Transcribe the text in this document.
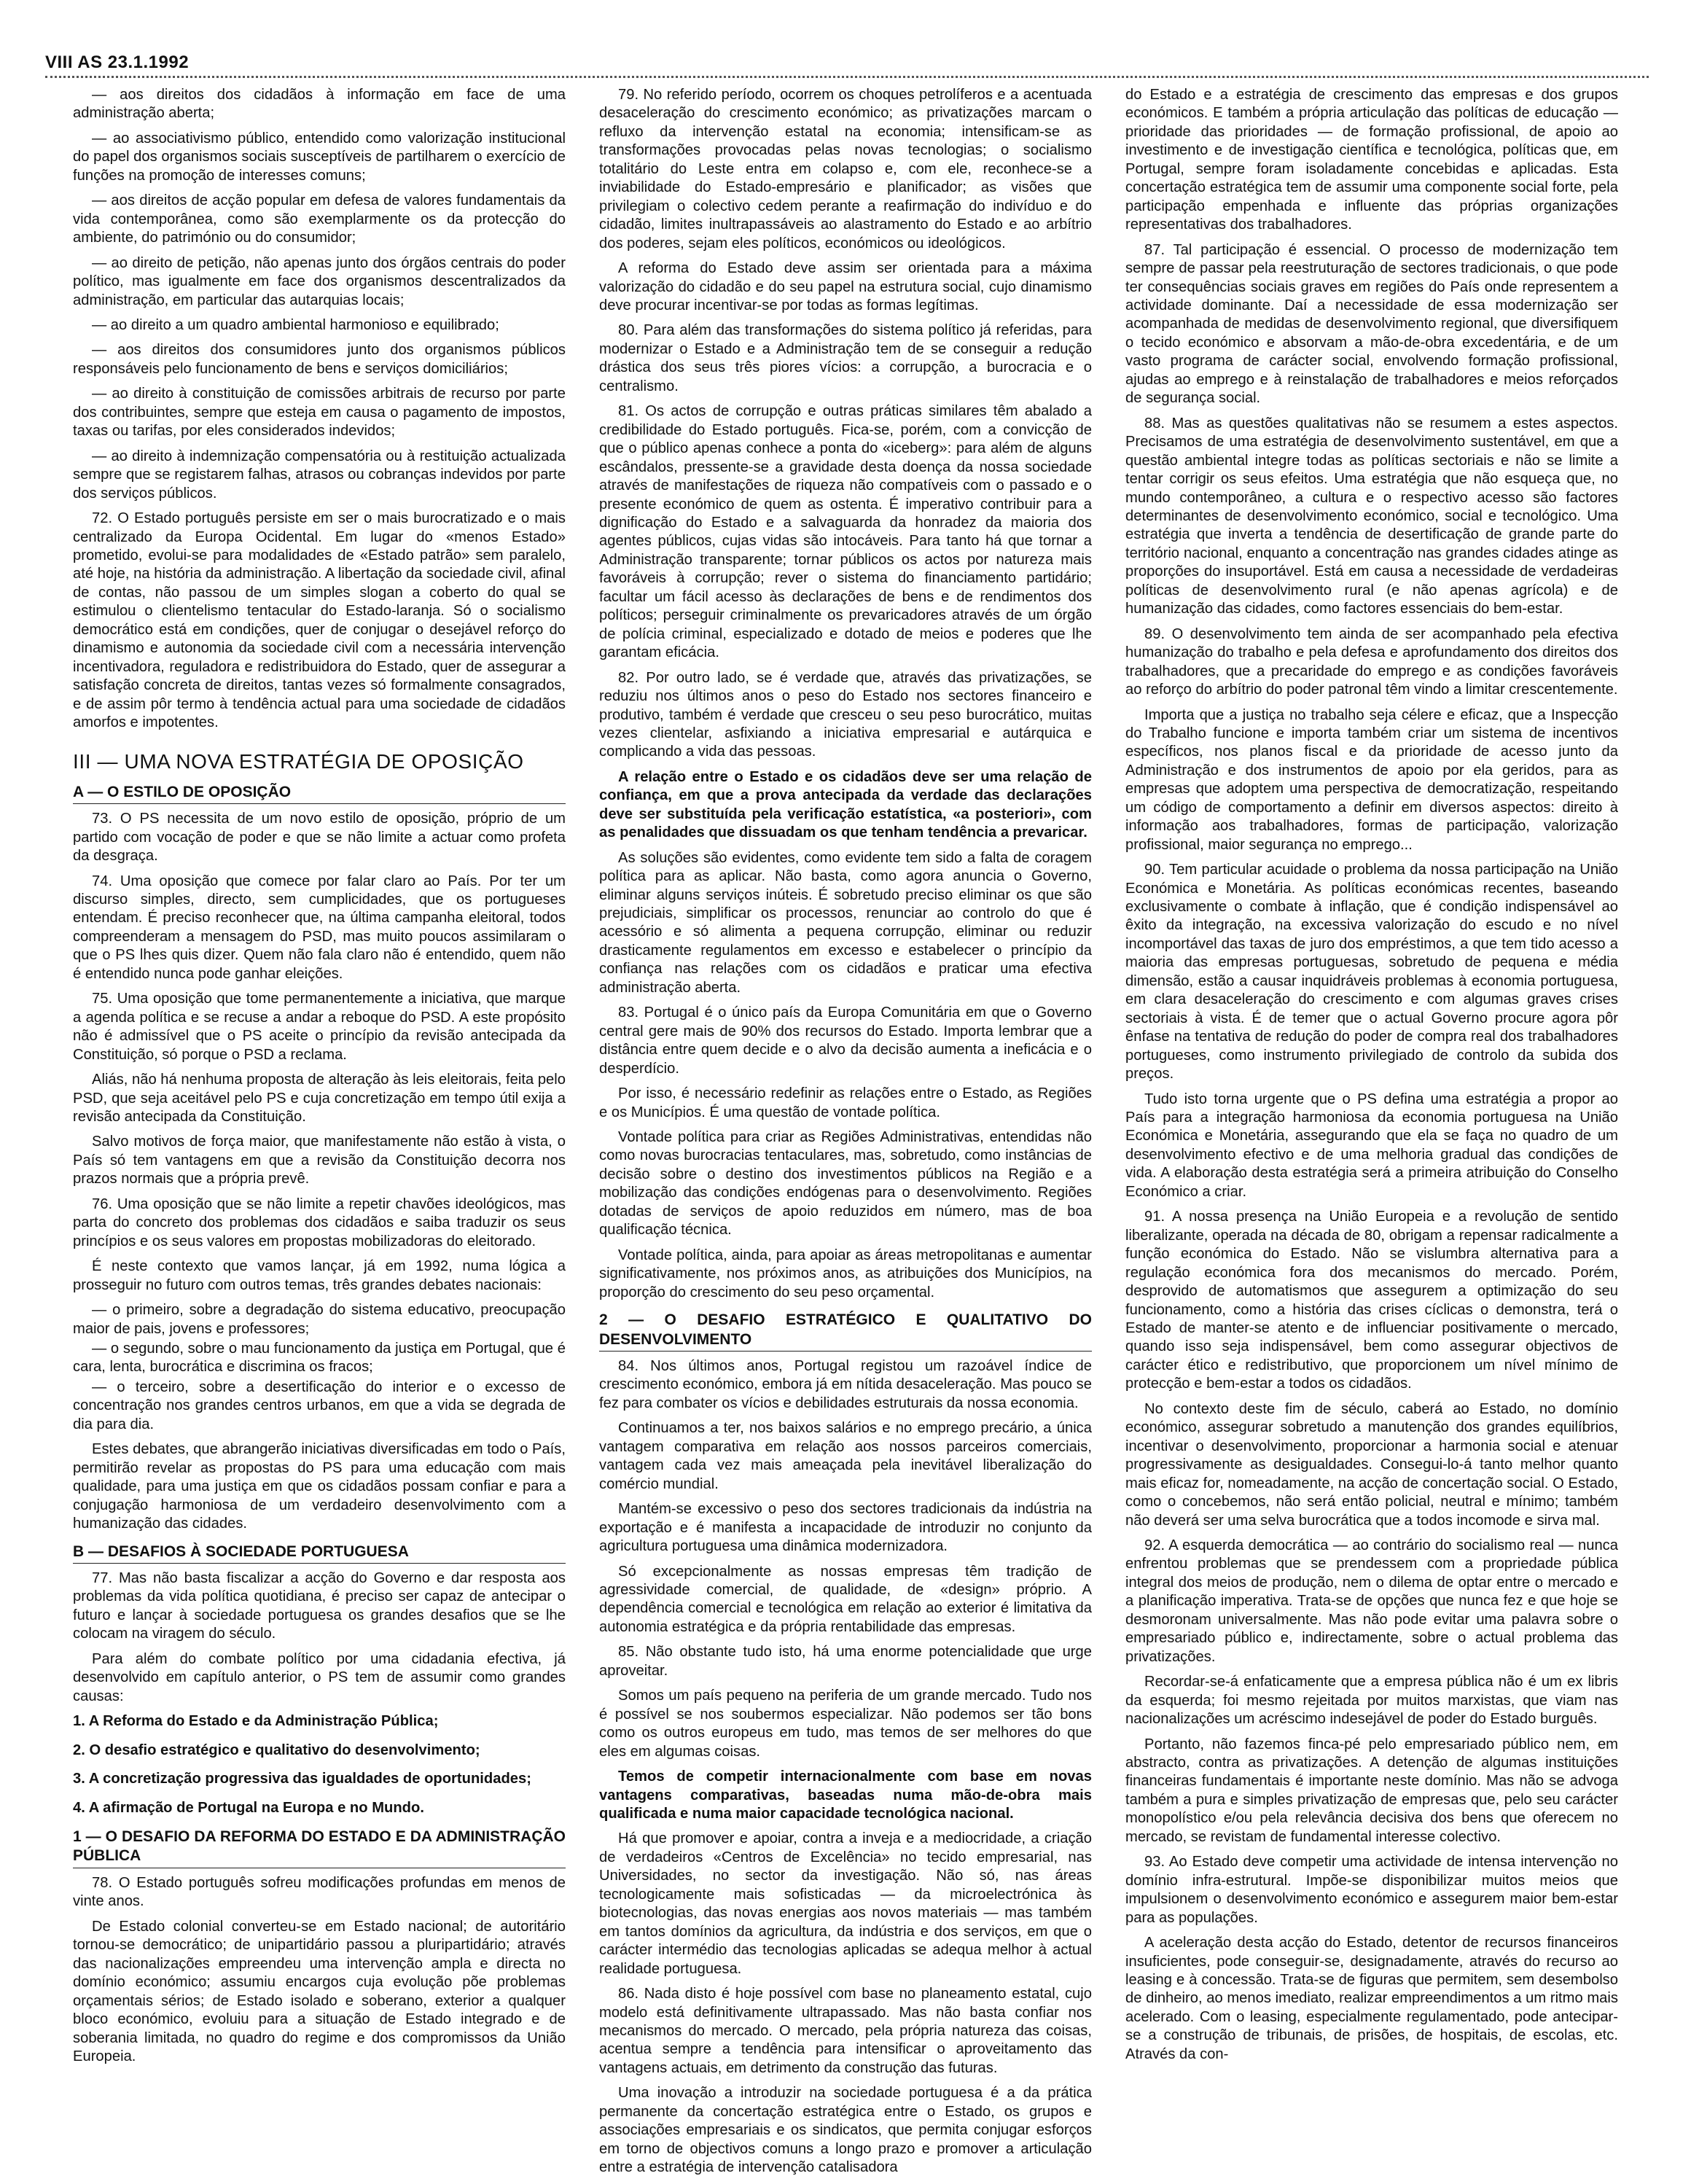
VIII AS 23.1.1992

— aos direitos dos cidadãos à informação em face de uma administração aberta;

— ao associativismo público, entendido como valorização institucional do papel dos organismos sociais susceptíveis de partilharem o exercício de funções na promoção de interesses comuns;

— aos direitos de acção popular em defesa de valores fundamentais da vida contemporânea, como são exemplarmente os da protecção do ambiente, do património ou do consumidor;

— ao direito de petição, não apenas junto dos órgãos centrais do poder político, mas igualmente em face dos organismos descentralizados da administração, em particular das autarquias locais;

— ao direito a um quadro ambiental harmonioso e equilibrado;

— aos direitos dos consumidores junto dos organismos públicos responsáveis pelo funcionamento de bens e serviços domiciliários;

— ao direito à constituição de comissões arbitrais de recurso por parte dos contribuintes, sempre que esteja em causa o pagamento de impostos, taxas ou tarifas, por eles considerados indevidos;

— ao direito à indemnização compensatória ou à restituição actualizada sempre que se registarem falhas, atrasos ou cobranças indevidos por parte dos serviços públicos.

72. O Estado português persiste em ser o mais burocratizado e o mais centralizado da Europa Ocidental. Em lugar do «menos Estado» prometido, evolui-se para modalidades de «Estado patrão» sem paralelo, até hoje, na história da administração. A libertação da sociedade civil, afinal de contas, não passou de um simples slogan a coberto do qual se estimulou o clientelismo tentacular do Estado-laranja. Só o socialismo democrático está em condições, quer de conjugar o desejável reforço do dinamismo e autonomia da sociedade civil com a necessária intervenção incentivadora, reguladora e redistribuidora do Estado, quer de assegurar a satisfação concreta de direitos, tantas vezes só formalmente consagrados, e de assim pôr termo à tendência actual para uma sociedade de cidadãos amorfos e impotentes.

III — UMA NOVA ESTRATÉGIA DE OPOSIÇÃO
A — O ESTILO DE OPOSIÇÃO

73. O PS necessita de um novo estilo de oposição, próprio de um partido com vocação de poder e que se não limite a actuar como profeta da desgraça.

74. Uma oposição que comece por falar claro ao País. Por ter um discurso simples, directo, sem cumplicidades, que os portugueses entendam. É preciso reconhecer que, na última campanha eleitoral, todos compreenderam a mensagem do PSD, mas muito poucos assimilaram o que o PS lhes quis dizer. Quem não fala claro não é entendido, quem não é entendido nunca pode ganhar eleições.

75. Uma oposição que tome permanentemente a iniciativa, que marque a agenda política e se recuse a andar a reboque do PSD. A este propósito não é admissível que o PS aceite o princípio da revisão antecipada da Constituição, só porque o PSD a reclama.

Aliás, não há nenhuma proposta de alteração às leis eleitorais, feita pelo PSD, que seja aceitável pelo PS e cuja concretização em tempo útil exija a revisão antecipada da Constituição.

Salvo motivos de força maior, que manifestamente não estão à vista, o País só tem vantagens em que a revisão da Constituição decorra nos prazos normais que a própria prevê.

76. Uma oposição que se não limite a repetir chavões ideológicos, mas parta do concreto dos problemas dos cidadãos e saiba traduzir os seus princípios e os seus valores em propostas mobilizadoras do eleitorado.

É neste contexto que vamos lançar, já em 1992, numa lógica a prosseguir no futuro com outros temas, três grandes debates nacionais:

— o primeiro, sobre a degradação do sistema educativo, preocupação maior de pais, jovens e professores;

— o segundo, sobre o mau funcionamento da justiça em Portugal, que é cara, lenta, burocrática e discrimina os fracos;

— o terceiro, sobre a desertificação do interior e o excesso de concentração nos grandes centros urbanos, em que a vida se degrada de dia para dia.

Estes debates, que abrangerão iniciativas diversificadas em todo o País, permitirão revelar as propostas do PS para uma educação com mais qualidade, para uma justiça em que os cidadãos possam confiar e para a conjugação harmoniosa de um verdadeiro desenvolvimento com a humanização das cidades.

B — DESAFIOS À SOCIEDADE PORTUGUESA

77. Mas não basta fiscalizar a acção do Governo e dar resposta aos problemas da vida política quotidiana, é preciso ser capaz de antecipar o futuro e lançar à sociedade portuguesa os grandes desafios que se lhe colocam na viragem do século.

Para além do combate político por uma cidadania efectiva, já desenvolvido em capítulo anterior, o PS tem de assumir como grandes causas:

1. A Reforma do Estado e da Administração Pública;

2. O desafio estratégico e qualitativo do desenvolvimento;

3. A concretização progressiva das igualdades de oportunidades;

4. A afirmação de Portugal na Europa e no Mundo.

1 — O DESAFIO DA REFORMA DO ESTADO E DA ADMINISTRAÇÃO PÚBLICA

78. O Estado português sofreu modificações profundas em menos de vinte anos.

De Estado colonial converteu-se em Estado nacional; de autoritário tornou-se democrático; de unipartidário passou a pluripartidário; através das nacionalizações empreendeu uma intervenção ampla e directa no domínio económico; assumiu encargos cuja evolução põe problemas orçamentais sérios; de Estado isolado e soberano, exterior a qualquer bloco económico, evoluiu para a situação de Estado integrado e de soberania limitada, no quadro do regime e dos compromissos da União Europeia.

79. No referido período, ocorrem os choques petrolíferos e a acentuada desaceleração do crescimento económico; as privatizações marcam o refluxo da intervenção estatal na economia; intensificam-se as transformações provocadas pelas novas tecnologias; o socialismo totalitário do Leste entra em colapso e, com ele, reconhece-se a inviabilidade do Estado-empresário e planificador; as visões que privilegiam o colectivo cedem perante a reafirmação do indivíduo e do cidadão, limites inultrapassáveis ao alastramento do Estado e ao arbítrio dos poderes, sejam eles políticos, económicos ou ideológicos.

A reforma do Estado deve assim ser orientada para a máxima valorização do cidadão e do seu papel na estrutura social, cujo dinamismo deve procurar incentivar-se por todas as formas legítimas.

80. Para além das transformações do sistema político já referidas, para modernizar o Estado e a Administração tem de se conseguir a redução drástica dos seus três piores vícios: a corrupção, a burocracia e o centralismo.

81. Os actos de corrupção e outras práticas similares têm abalado a credibilidade do Estado português. Fica-se, porém, com a convicção de que o público apenas conhece a ponta do «iceberg»: para além de alguns escândalos, pressente-se a gravidade desta doença da nossa sociedade através de manifestações de riqueza não compatíveis com o passado e o presente económico de quem as ostenta. É imperativo contribuir para a dignificação do Estado e a salvaguarda da honradez da maioria dos agentes públicos, cujas vidas são intocáveis. Para tanto há que tornar a Administração transparente; tornar públicos os actos por natureza mais favoráveis à corrupção; rever o sistema do financiamento partidário; facultar um fácil acesso às declarações de bens e de rendimentos dos políticos; perseguir criminalmente os prevaricadores através de um órgão de polícia criminal, especializado e dotado de meios e poderes que lhe garantam eficácia.

82. Por outro lado, se é verdade que, através das privatizações, se reduziu nos últimos anos o peso do Estado nos sectores financeiro e produtivo, também é verdade que cresceu o seu peso burocrático, muitas vezes clientelar, asfixiando a iniciativa empresarial e autárquica e complicando a vida das pessoas.

A relação entre o Estado e os cidadãos deve ser uma relação de confiança, em que a prova antecipada da verdade das declarações deve ser substituída pela verificação estatística, «a posteriori», com as penalidades que dissuadam os que tenham tendência a prevaricar.

As soluções são evidentes, como evidente tem sido a falta de coragem política para as aplicar. Não basta, como agora anuncia o Governo, eliminar alguns serviços inúteis. É sobretudo preciso eliminar os que são prejudiciais, simplificar os processos, renunciar ao controlo do que é acessório e só alimenta a pequena corrupção, eliminar ou reduzir drasticamente regulamentos em excesso e estabelecer o princípio da confiança nas relações com os cidadãos e praticar uma efectiva administração aberta.

83. Portugal é o único país da Europa Comunitária em que o Governo central gere mais de 90% dos recursos do Estado. Importa lembrar que a distância entre quem decide e o alvo da decisão aumenta a ineficácia e o desperdício.

Por isso, é necessário redefinir as relações entre o Estado, as Regiões e os Municípios. É uma questão de vontade política.

Vontade política para criar as Regiões Administrativas, entendidas não como novas burocracias tentaculares, mas, sobretudo, como instâncias de decisão sobre o destino dos investimentos públicos na Região e a mobilização das condições endógenas para o desenvolvimento. Regiões dotadas de serviços de apoio reduzidos em número, mas de boa qualificação técnica.

Vontade política, ainda, para apoiar as áreas metropolitanas e aumentar significativamente, nos próximos anos, as atribuições dos Municípios, na proporção do crescimento do seu peso orçamental.

2 — O DESAFIO ESTRATÉGICO E QUALITATIVO DO DESENVOLVIMENTO

84. Nos últimos anos, Portugal registou um razoável índice de crescimento económico, embora já em nítida desaceleração. Mas pouco se fez para combater os vícios e debilidades estruturais da nossa economia.

Continuamos a ter, nos baixos salários e no emprego precário, a única vantagem comparativa em relação aos nossos parceiros comerciais, vantagem cada vez mais ameaçada pela inevitável liberalização do comércio mundial.

Mantém-se excessivo o peso dos sectores tradicionais da indústria na exportação e é manifesta a incapacidade de introduzir no conjunto da agricultura portuguesa uma dinâmica modernizadora.

Só excepcionalmente as nossas empresas têm tradição de agressividade comercial, de qualidade, de «design» próprio. A dependência comercial e tecnológica em relação ao exterior é limitativa da autonomia estratégica e da própria rentabilidade das empresas.

85. Não obstante tudo isto, há uma enorme potencialidade que urge aproveitar.

Somos um país pequeno na periferia de um grande mercado. Tudo nos é possível se nos soubermos especializar. Não podemos ser tão bons como os outros europeus em tudo, mas temos de ser melhores do que eles em algumas coisas.

Temos de competir internacionalmente com base em novas vantagens comparativas, baseadas numa mão-de-obra mais qualificada e numa maior capacidade tecnológica nacional.

Há que promover e apoiar, contra a inveja e a mediocridade, a criação de verdadeiros «Centros de Excelência» no tecido empresarial, nas Universidades, no sector da investigação. Não só, nas áreas tecnologicamente mais sofisticadas — da microelectrónica às biotecnologias, das novas energias aos novos materiais — mas também em tantos domínios da agricultura, da indústria e dos serviços, em que o carácter intermédio das tecnologias aplicadas se adequa melhor à actual realidade portuguesa.

86. Nada disto é hoje possível com base no planeamento estatal, cujo modelo está definitivamente ultrapassado. Mas não basta confiar nos mecanismos do mercado. O mercado, pela própria natureza das coisas, acentua sempre a tendência para intensificar o aproveitamento das vantagens actuais, em detrimento da construção das futuras.

Uma inovação a introduzir na sociedade portuguesa é a da prática permanente da concertação estratégica entre o Estado, os grupos e associações empresariais e os sindicatos, que permita conjugar esforços em torno de objectivos comuns a longo prazo e promover a articulação entre a estratégia de intervenção catalisadora

do Estado e a estratégia de crescimento das empresas e dos grupos económicos. E também a própria articulação das políticas de educação — prioridade das prioridades — de formação profissional, de apoio ao investimento e de investigação científica e tecnológica, políticas que, em Portugal, sempre foram isoladamente concebidas e aplicadas. Esta concertação estratégica tem de assumir uma componente social forte, pela participação empenhada e influente das próprias organizações representativas dos trabalhadores.

87. Tal participação é essencial. O processo de modernização tem sempre de passar pela reestruturação de sectores tradicionais, o que pode ter consequências sociais graves em regiões do País onde representem a actividade dominante. Daí a necessidade de essa modernização ser acompanhada de medidas de desenvolvimento regional, que diversifiquem o tecido económico e absorvam a mão-de-obra excedentária, e de um vasto programa de carácter social, envolvendo formação profissional, ajudas ao emprego e à reinstalação de trabalhadores e meios reforçados de segurança social.

88. Mas as questões qualitativas não se resumem a estes aspectos. Precisamos de uma estratégia de desenvolvimento sustentável, em que a questão ambiental integre todas as políticas sectoriais e não se limite a tentar corrigir os seus efeitos. Uma estratégia que não esqueça que, no mundo contemporâneo, a cultura e o respectivo acesso são factores determinantes de desenvolvimento económico, social e tecnológico. Uma estratégia que inverta a tendência de desertificação de grande parte do território nacional, enquanto a concentração nas grandes cidades atinge as proporções do insuportável. Está em causa a necessidade de verdadeiras políticas de desenvolvimento rural (e não apenas agrícola) e de humanização das cidades, como factores essenciais do bem-estar.

89. O desenvolvimento tem ainda de ser acompanhado pela efectiva humanização do trabalho e pela defesa e aprofundamento dos direitos dos trabalhadores, que a precaridade do emprego e as condições favoráveis ao reforço do arbítrio do poder patronal têm vindo a limitar crescentemente.

Importa que a justiça no trabalho seja célere e eficaz, que a Inspecção do Trabalho funcione e importa também criar um sistema de incentivos específicos, nos planos fiscal e da prioridade de acesso junto da Administração e dos instrumentos de apoio por ela geridos, para as empresas que adoptem uma perspectiva de democratização, respeitando um código de comportamento a definir em diversos aspectos: direito à informação aos trabalhadores, formas de participação, valorização profissional, maior segurança no emprego...

90. Tem particular acuidade o problema da nossa participação na União Económica e Monetária. As políticas económicas recentes, baseando exclusivamente o combate à inflação, que é condição indispensável ao êxito da integração, na excessiva valorização do escudo e no nível incomportável das taxas de juro dos empréstimos, a que tem tido acesso a maioria das empresas portuguesas, sobretudo de pequena e média dimensão, estão a causar inquidráveis problemas à economia portuguesa, em clara desaceleração do crescimento e com algumas graves crises sectoriais à vista. É de temer que o actual Governo procure agora pôr ênfase na tentativa de redução do poder de compra real dos trabalhadores portugueses, como instrumento privilegiado de controlo da subida dos preços.

Tudo isto torna urgente que o PS defina uma estratégia a propor ao País para a integração harmoniosa da economia portuguesa na União Económica e Monetária, assegurando que ela se faça no quadro de um desenvolvimento efectivo e de uma melhoria gradual das condições de vida. A elaboração desta estratégia será a primeira atribuição do Conselho Económico a criar.

91. A nossa presença na União Europeia e a revolução de sentido liberalizante, operada na década de 80, obrigam a repensar radicalmente a função económica do Estado. Não se vislumbra alternativa para a regulação económica fora dos mecanismos do mercado. Porém, desprovido de automatismos que assegurem a optimização do seu funcionamento, como a história das crises cíclicas o demonstra, terá o Estado de manter-se atento e de influenciar positivamente o mercado, quando isso seja indispensável, bem como assegurar objectivos de carácter ético e redistributivo, que proporcionem um nível mínimo de protecção e bem-estar a todos os cidadãos.

No contexto deste fim de século, caberá ao Estado, no domínio económico, assegurar sobretudo a manutenção dos grandes equilíbrios, incentivar o desenvolvimento, proporcionar a harmonia social e atenuar progressivamente as desigualdades. Consegui-lo-á tanto melhor quanto mais eficaz for, nomeadamente, na acção de concertação social. O Estado, como o concebemos, não será então policial, neutral e mínimo; também não deverá ser uma selva burocrática que a todos incomode e sirva mal.

92. A esquerda democrática — ao contrário do socialismo real — nunca enfrentou problemas que se prendessem com a propriedade pública integral dos meios de produção, nem o dilema de optar entre o mercado e a planificação imperativa. Trata-se de opções que nunca fez e que hoje se desmoronam universalmente. Mas não pode evitar uma palavra sobre o empresariado público e, indirectamente, sobre o actual problema das privatizações.

Recordar-se-á enfaticamente que a empresa pública não é um ex libris da esquerda; foi mesmo rejeitada por muitos marxistas, que viam nas nacionalizações um acréscimo indesejável de poder do Estado burguês.

Portanto, não fazemos finca-pé pelo empresariado público nem, em abstracto, contra as privatizações. A detenção de algumas instituições financeiras fundamentais é importante neste domínio. Mas não se advoga também a pura e simples privatização de empresas que, pelo seu carácter monopolístico e/ou pela relevância decisiva dos bens que oferecem no mercado, se revistam de fundamental interesse colectivo.

93. Ao Estado deve competir uma actividade de intensa intervenção no domínio infra-estrutural. Impõe-se disponibilizar muitos meios que impulsionem o desenvolvimento económico e assegurem maior bem-estar para as populações.

A aceleração desta acção do Estado, detentor de recursos financeiros insuficientes, pode conseguir-se, designadamente, através do recurso ao leasing e à concessão. Trata-se de figuras que permitem, sem desembolso de dinheiro, ao menos imediato, realizar empreendimentos a um ritmo mais acelerado. Com o leasing, especialmente regulamentado, pode antecipar-se a construção de tribunais, de prisões, de hospitais, de escolas, etc. Através da con-
